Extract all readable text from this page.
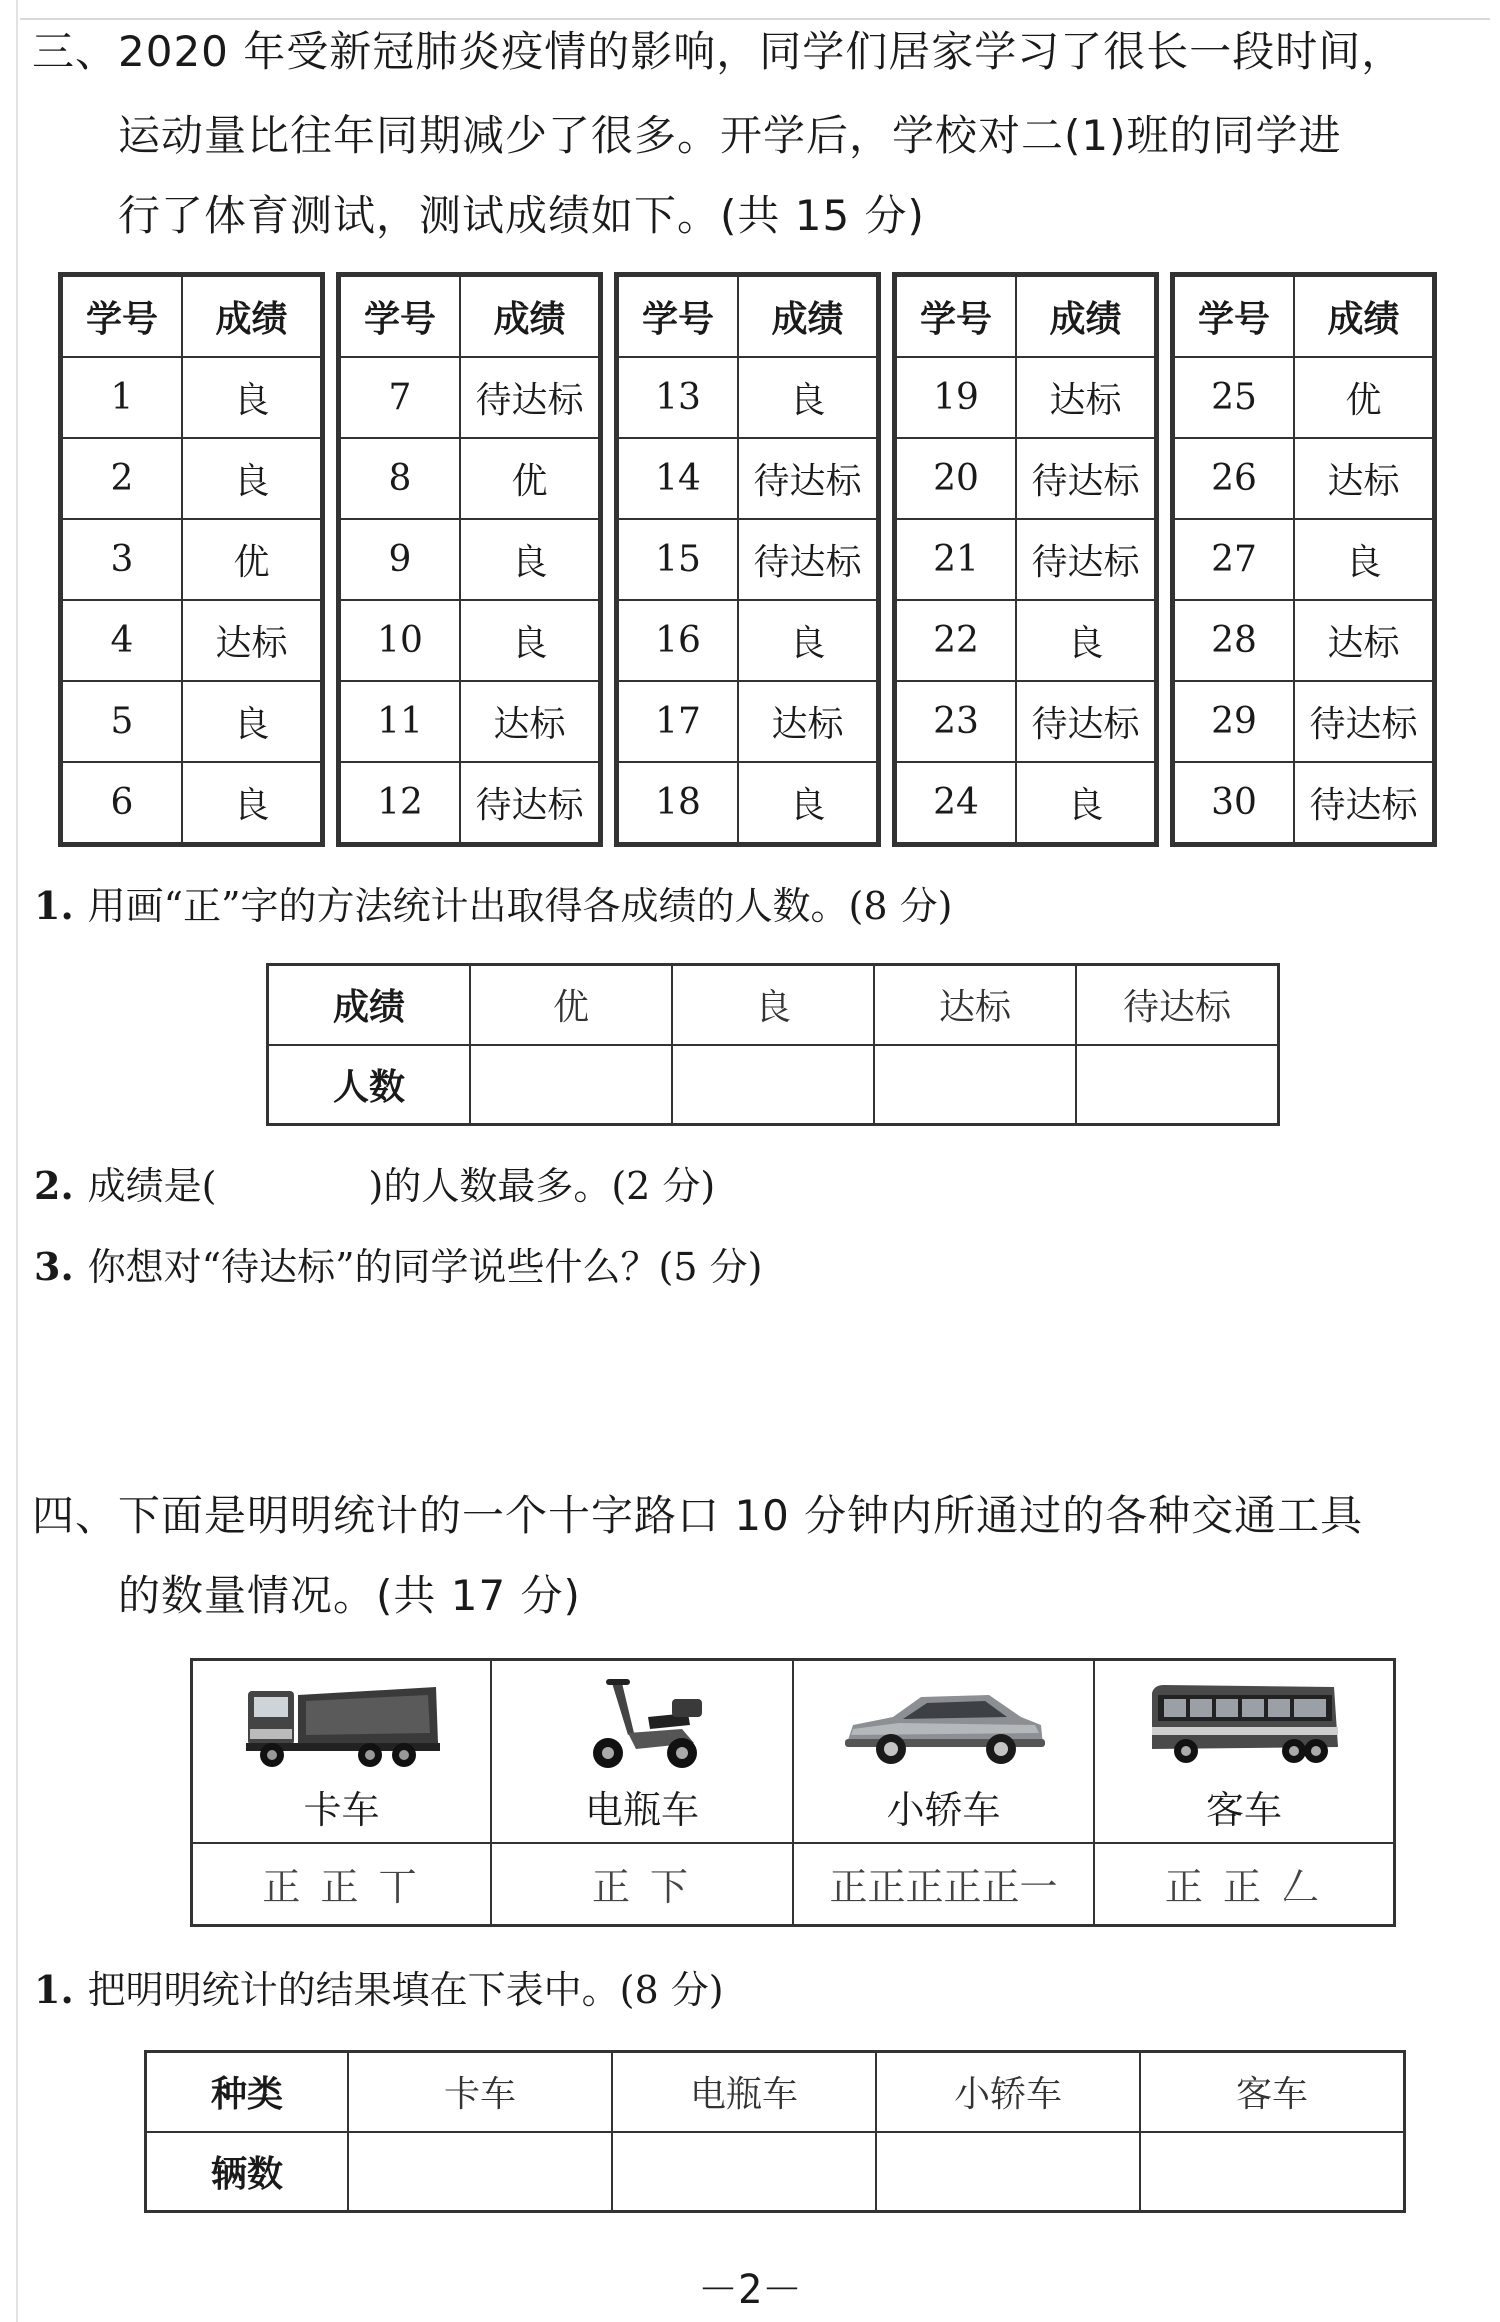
三、2020 年受新冠肺炎疫情的影响，同学们居家学习了很长一段时间，
运动量比往年同期减少了很多。开学后，学校对二(1)班的同学进
行了体育测试，测试成绩如下。(共 15 分)
学号	成绩
1	良
2	良
3	优
4	达标
5	良
6	良
学号	成绩
7	待达标
8	优
9	良
10	良
11	达标
12	待达标
学号	成绩
13	良
14	待达标
15	待达标
16	良
17	达标
18	良
学号	成绩
19	达标
20	待达标
21	待达标
22	良
23	待达标
24	良
学号	成绩
25	优
26	达标
27	良
28	达标
29	待达标
30	待达标
1. 用画“正”字的方法统计出取得各成绩的人数。(8 分)
成绩	优	良	达标	待达标
人数				
2. 成绩是(　　　　)的人数最多。(2 分)
3. 你想对“待达标”的同学说些什么？(5 分)
四、下面是明明统计的一个十字路口 10 分钟内所通过的各种交通工具
的数量情况。(共 17 分)
卡车	电瓶车	小轿车	客车

正 正 丅	正 下	正正正正正一	正 正 𠃋
1. 把明明统计的结果填在下表中。(8 分)
种类	卡车	电瓶车	小轿车	客车
辆数				
－2－
